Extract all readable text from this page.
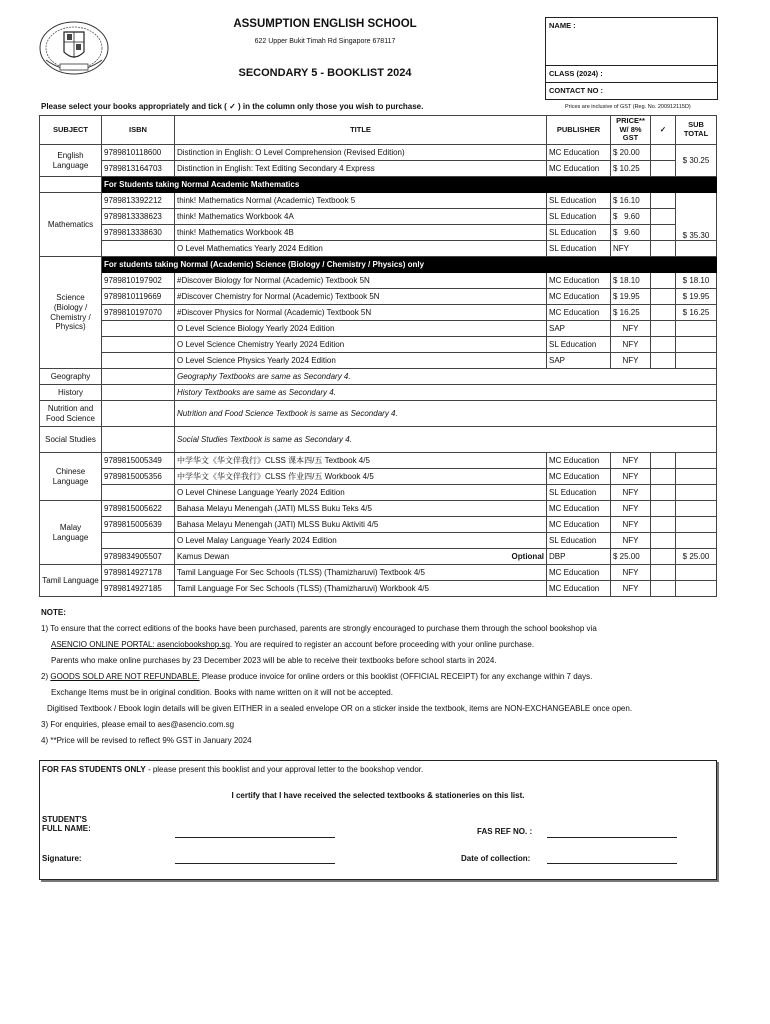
ASSUMPTION ENGLISH SCHOOL
622 Upper Bukit Timah Rd Singapore 678117
SECONDARY 5 - BOOKLIST 2024
NAME :
CLASS (2024) :
CONTACT NO :
Please select your books appropriately and tick ( ✓ ) in the column only those you wish to purchase.	Prices are inclusive of GST (Reg. No. 200912115D)
SUBJECT	ISBN	TITLE	PUBLISHER	PRICE** W/ 8% GST	✓	SUB TOTAL
English Language	9789810118600	Distinction in English: O Level Comprehension (Revised Edition)	MC Education	$ 20.00		$ 30.25
	9789813164703	Distinction in English: Text Editing Secondary 4 Express	MC Education	$ 10.25		
	For Students taking Normal Academic Mathematics					
Mathematics	9789813392212	think! Mathematics Normal (Academic) Textbook 5	SL Education	$ 16.10		$ 35.30
	9789813338623	think! Mathematics Workbook 4A	SL Education	$   9.60		
	9789813338630	think! Mathematics Workbook 4B	SL Education	$   9.60		
		O Level Mathematics Yearly 2024 Edition	SL Education	NFY		
Science (Biology / Chemistry / Physics)	For students taking Normal (Academic) Science (Biology / Chemistry / Physics) only					
	9789810197902	#Discover Biology for Normal (Academic) Textbook 5N	MC Education	$ 18.10		$ 18.10
	9789810119669	#Discover Chemistry for Normal (Academic) Textbook 5N	MC Education	$ 19.95		$ 19.95
	9789810197070	#Discover Physics for Normal (Academic) Textbook 5N	MC Education	$ 16.25		$ 16.25
		O Level Science Biology Yearly 2024 Edition	SAP	NFY		
		O Level Science Chemistry Yearly 2024 Edition	SL Education	NFY		
		O Level Science Physics Yearly 2024 Edition	SAP	NFY		
Geography		Geography Textbooks are same as Secondary 4.				
History		History Textbooks are same as Secondary 4.				
Nutrition and Food Science		Nutrition and Food Science Textbook is same as Secondary 4.				
Social Studies		Social Studies Textbook is same as Secondary 4.				
Chinese Language	9789815005349	中学华文《华文伴我行》CLSS 课本四/五 Textbook 4/5	MC Education	NFY		
	9789815005356	中学华文《华文伴我行》CLSS 作业四/五 Workbook 4/5	MC Education	NFY		
		O Level Chinese Language Yearly 2024 Edition	SL Education	NFY		
Malay Language	9789815005622	Bahasa Melayu Menengah (JATI) MLSS Buku Teks 4/5	MC Education	NFY		
	9789815005639	Bahasa Melayu Menengah (JATI) MLSS Buku Aktiviti 4/5	MC Education	NFY		
		O Level Malay Language Yearly 2024 Edition	SL Education	NFY		
	9789834905507	Kamus Dewan Optional	DBP	$ 25.00		$ 25.00
Tamil Language	9789814927178	Tamil Language For Sec Schools (TLSS) (Thamizharuvi) Textbook 4/5	MC Education	NFY		
	9789814927185	Tamil Language For Sec Schools (TLSS) (Thamizharuvi) Workbook 4/5	MC Education	NFY		
NOTE:
1) To ensure that the correct editions of the books have been purchased, parents are strongly encouraged to purchase them through the school bookshop via
ASENCIO ONLINE PORTAL: asenciobookshop.sg. You are required to register an account before proceeding with your online purchase.
Parents who make online purchases by 23 December 2023 will be able to receive their textbooks before school starts in 2024.
2) GOODS SOLD ARE NOT REFUNDABLE. Please produce invoice for online orders or this booklist (OFFICIAL RECEIPT) for any exchange within 7 days.
Exchange Items must be in original condition. Books with name written on it will not be accepted.
Digitised Textbook / Ebook login details will be given EITHER in a sealed envelope OR on a sticker inside the textbook, items are NON-EXCHANGEABLE once open.
3) For enquiries, please email to aes@asencio.com.sg
4) **Price will be revised to reflect 9% GST in January 2024
FOR FAS STUDENTS ONLY - please present this booklist and your approval letter to the bookshop vendor.
I certify that I have received the selected textbooks & stationeries on this list.
STUDENT'S
FULL NAME:	FAS REF NO. :
Signature:	Date of collection:
